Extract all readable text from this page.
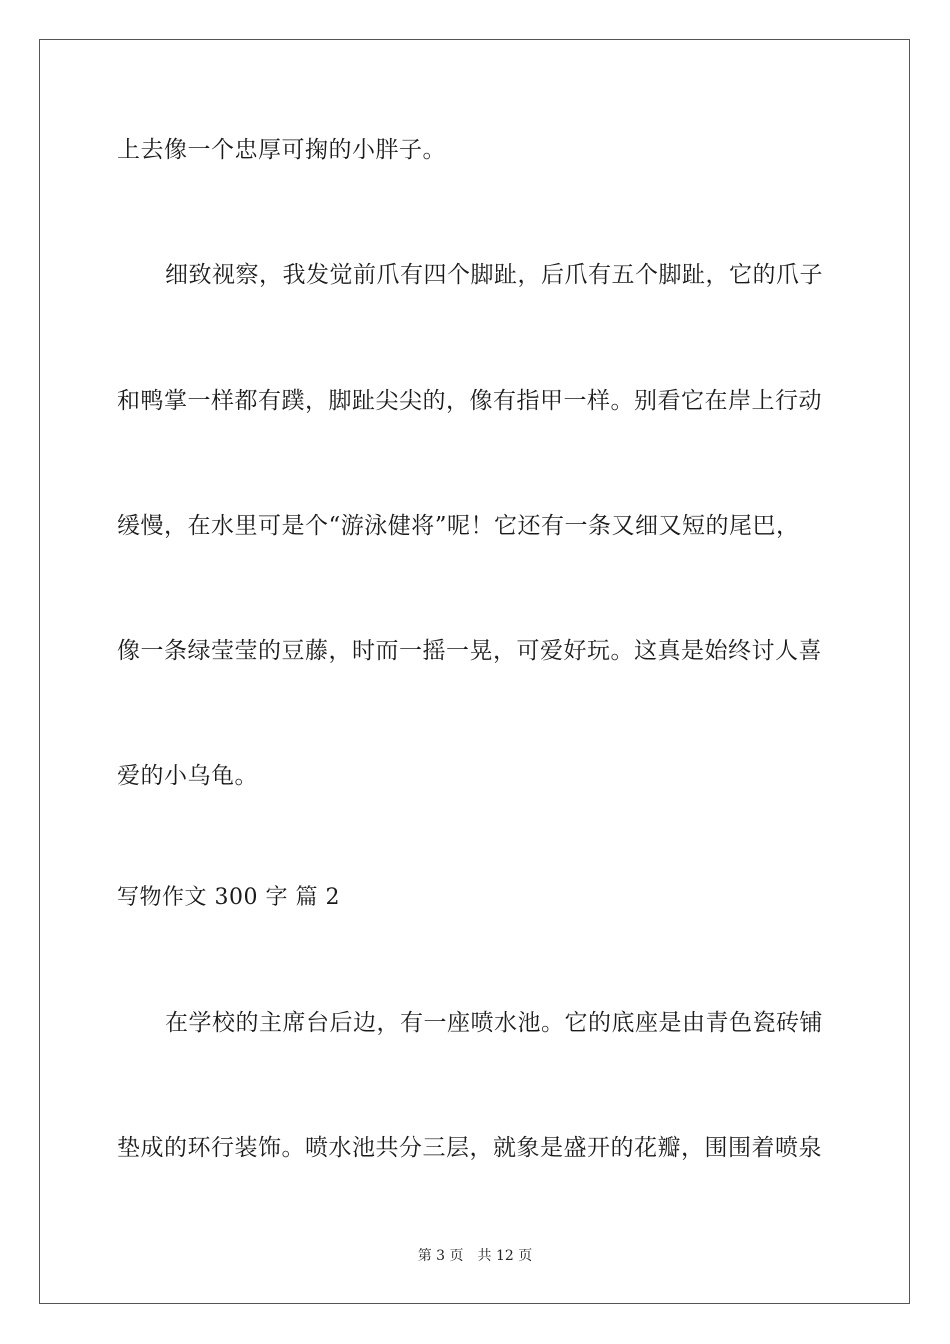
上去像一个忠厚可掬的小胖子。
细致视察，我发觉前爪有四个脚趾，后爪有五个脚趾，它的爪子
和鸭掌一样都有蹼，脚趾尖尖的，像有指甲一样。别看它在岸上行动
缓慢，在水里可是个“游泳健将”呢！它还有一条又细又短的尾巴，
像一条绿莹莹的豆藤，时而一摇一晃，可爱好玩。这真是始终讨人喜
爱的小乌龟。
写物作文 300 字 篇 2
在学校的主席台后边，有一座喷水池。它的底座是由青色瓷砖铺
垫成的环行装饰。喷水池共分三层，就象是盛开的花瓣，围围着喷泉
第 3 页 共 12 页
